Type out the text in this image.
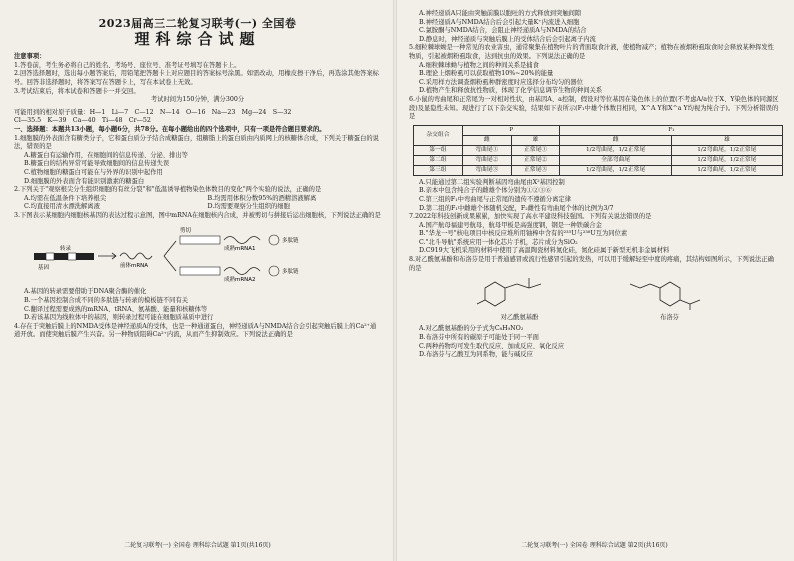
2023届高三二轮复习联考(一) 全国卷
理科综合试题
注意事项：

1.答卷前，考生务必将自己的姓名、考场号、座位号、准考证号填写在答题卡上。

2.回答选择题时，选出每小题答案后，用铅笔把答题卡上对应题目的答案标号涂黑。如需改动，用橡皮擦干净后，再选涂其他答案标号。回答非选择题时，将答案写在答题卡上，写在本试卷上无效。

3.考试结束后，将本试卷和答题卡一并交回。

考试时间为150分钟，满分300分

可能用到的相对原子质量：H—1　Li—7　C—12　N—14　O—16　Na—23　Mg—24　S—32

Cl—35.5　K—39　Ca—40　Ti—48　Cr—52

一、选择题：本题共13小题，每小题6分，共78分。在每小题给出的四个选项中，只有一项是符合题目要求的。

1.细胞膜的外表面含有糖类分子，它和蛋白质分子结合成糖蛋白，组糖脂上的蛋白质由内质网上的核糖体合成，下列关于糖蛋白的说法，错误的是

A.糖蛋白有运输作用，在细胞间的信息传递、分泌、排出等

B.糖蛋白的结构异常可能导致细胞间的信息传递失误

C.植物细胞的糖蛋白可能在与外界的识别中起作用

D.细胞膜的外表面含有能识别激素的糖蛋白

2.下列关于"观察根尖分生组织细胞的有丝分裂"和"低温诱导植物染色体数目的变化"两个实验的说法，正确的是

A.均需在低温条件下培养根尖	B.均需用体积分数95%的酒精溶液解离
C.均直接用清水漂洗解离液	D.均需要观察分生组织的细胞

3.下图表示某细胞内细胞核基因的表达过程示意图，图中mRNA在细胞核内合成，并被剪切与拼接后运出细胞核，下列说法正确的是

转录
前体mRNA
剪切
成熟mRNA1
成熟mRNA2
基因
多肽链
多肽链

A.基因的转录需要借助于DNA聚合酶的催化

B.一个基因控制合成不同的多肽链与转录的模板链不同有关

C.翻译过程需要成熟的mRNA、tRNA、氨基酸、能量和核糖体等

D.若该基因为线粒体中的基因，则转录过程可能在细胞质基质中进行

4.存在于突触后膜上的NMDA受体是神经递质A的受体，也是一种通道蛋白，神经递质A与NMDA结合会引起突触后膜上的Ca²⁺通道开放。而使突触后膜产生兴奋。另一种物质阻碍Ca²⁺内流，从而产生抑制效应。下列说法正确的是

二轮复习联考(一) 全国卷 理科综合试题 第1页(共16页)

A.神经递质A只能由突触前膜以胞吐的方式释放到突触间隙

B.神经递质A与NMDA结合后会引起大量K⁺内流进入细胞

C.氯胺酮与NMDA结合，会阻止神经递质A与NMDA的结合

D.静息时，神经递质与突触后膜上的受体结合后会引起离子内流

5.细粒棘球蚴是一种常见的农业害虫，通常聚集在植物叶片的背面取食汁液，使植物减产；植物在被烟粉虱取食时会释放某种挥发性物质，引起被烟粉虱取食，达到抗虫的效果。下列说法正确的是

A.细粒棘球蚴与植物之间的种间关系是捕食

B.理论上烟粉虱可以获取植物10%~20%的能量

C.采用样方法调查烟粉虱种群密度时应选择分布均匀的器位

D.植物产生和释放抗性物质，体现了化学信息调节生物的种间关系

6.小鼠的弯曲尾和正常尾为一对相对性状，由基因A、a控制，假设对等位基因在染色体上的位置(不考虑A/a位于X、Y染色体的同源区段)及显隐性未知。现进行了以下杂交实验，结果如下表所示(F₁中雄个体数目相同，X^A Y和X^a Y均视为纯合子)。下列分析错误的是

杂交组合	P		F₁	
	雌	雄	雌	雄
第一组	弯曲尾①	正常尾①	1/2弯曲尾，1/2正常尾	1/2弯曲尾，1/2正常尾
第二组	弯曲尾②	正常尾②	全部弯曲尾	1/2弯曲尾，1/2正常尾
第三组	弯曲尾③	正常尾③	1/2弯曲尾，1/2正常尾	1/2弯曲尾，1/2正常尾

A.只能通过第二组实验判断基因弯曲尾由X²基因控制

B.亲本中包含纯合子的雌雄个体分别为①②③⑥

C.第三组的F₁中弯曲尾与正常尾的遗传不遵循分离定律

D.第二组的F₁中雌雄个体随机交配，F₂雌性有弯曲尾个体的比例为3/7

7.2022年科技创新成果累累，加快实现了高水平建设科技强国。下列有关说法错误的是

A.国产航母福建号航母，航母甲板是高强度钢，钢是一种铁碳合金

B."华龙一号"核电项目中核反应堆所用铀棒中含有的²³⁵U与²³⁸U互为同位素

C."北斗导航"系统应用一体化芯片手机，芯片成分为SiO₂

D.C919大飞机采用的材料中使用了高温陶瓷材料氮化硅，氮化硅属于新型无机非金属材料

8.对乙酰氨基酚和布洛芬是用于普通感冒或流行性感冒引起的发热，可以用于缓解轻至中度的疼痛，其结构如图所示，下列说法正确的是

对乙酰氨基酚	布洛芬

A.对乙酰氨基酚的分子式为C₈H₉NO₂

B.布洛芬中所有的碳原子可能处于同一平面

C.两种药物均可发生取代反应、加成反应、氧化反应

D.布洛芬与乙酸互为同系物，能与碱反应

二轮复习联考(一) 全国卷 理科综合试题 第2页(共16页)
